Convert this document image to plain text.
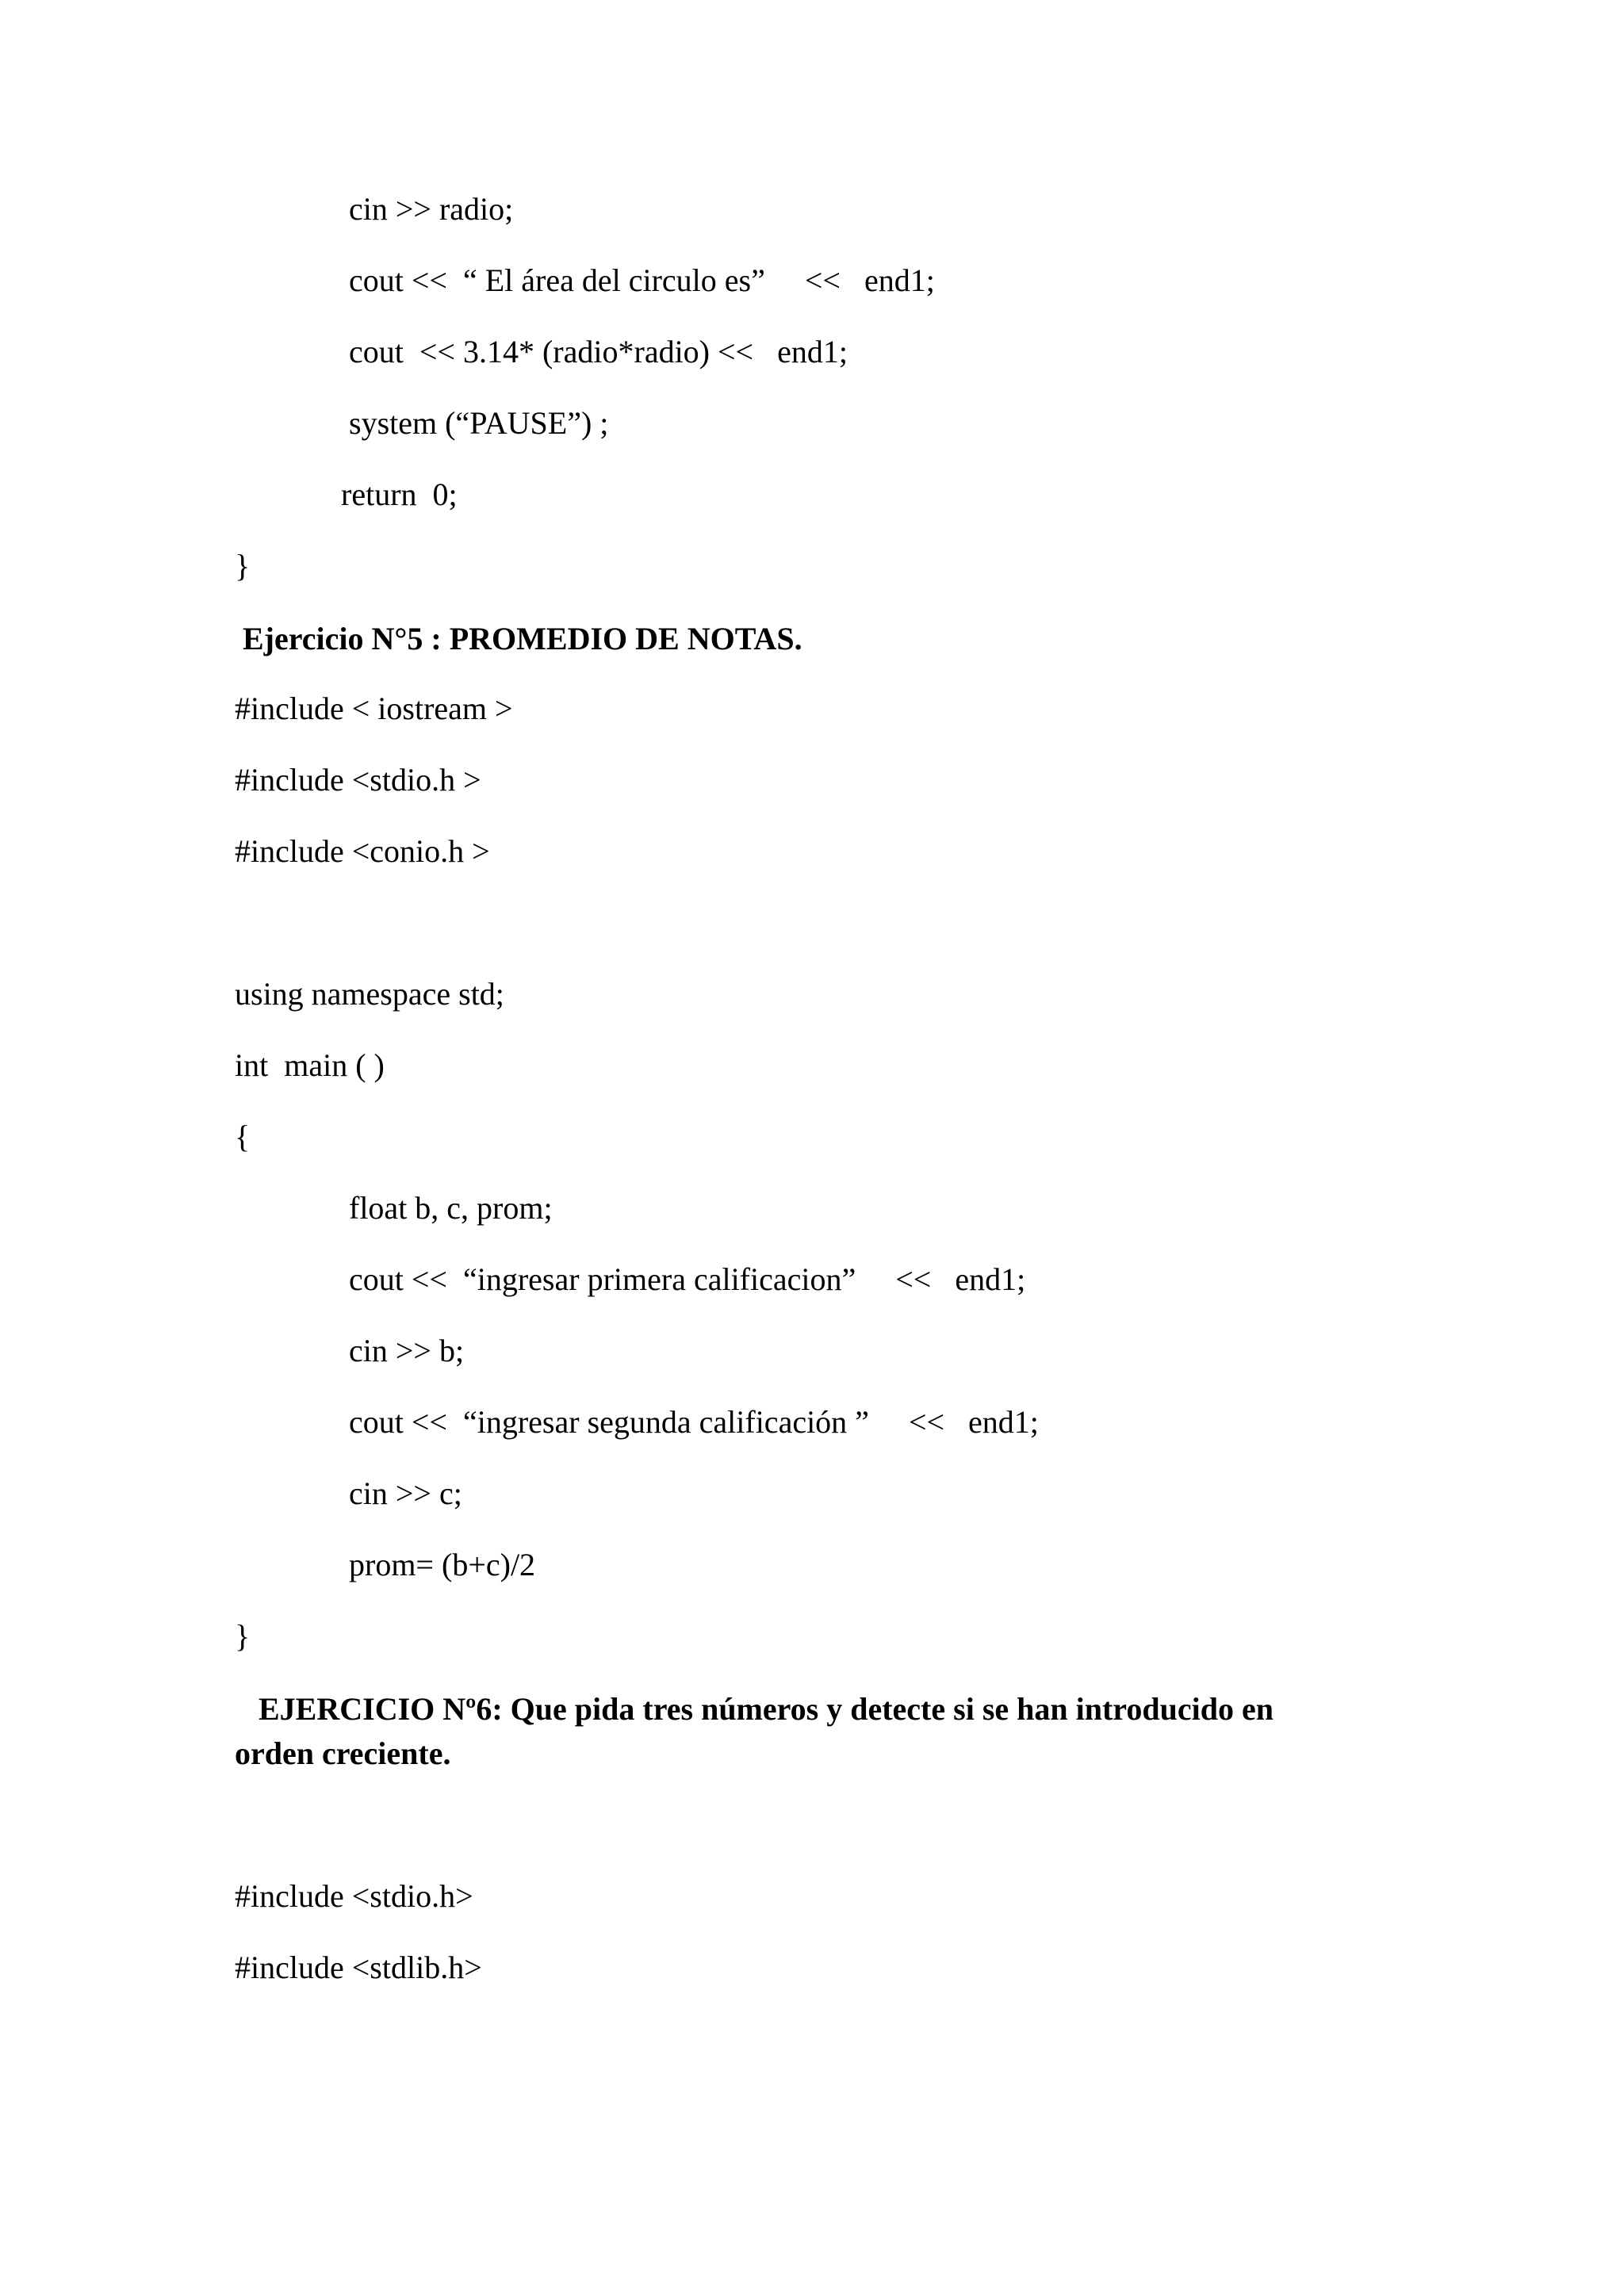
cin >> radio;

cout <<  “ El área del circulo es”     <<   end1;

cout  << 3.14* (radio*radio) <<   end1;

system (“PAUSE”) ;

return  0;

}

Ejercicio N°5 : PROMEDIO DE NOTAS.

#include < iostream >

#include <stdio.h >

#include <conio.h >

using namespace std;

int  main ( )

{

float b, c, prom;

cout <<  “ingresar primera calificacion”     <<   end1;

cin >> b;

cout <<  “ingresar segunda calificación ”     <<   end1;

cin >> c;

prom= (b+c)/2

}

EJERCICIO Nº6: Que pida tres números y detecte si se han introducido en

orden creciente.

#include <stdio.h>

#include <stdlib.h>
